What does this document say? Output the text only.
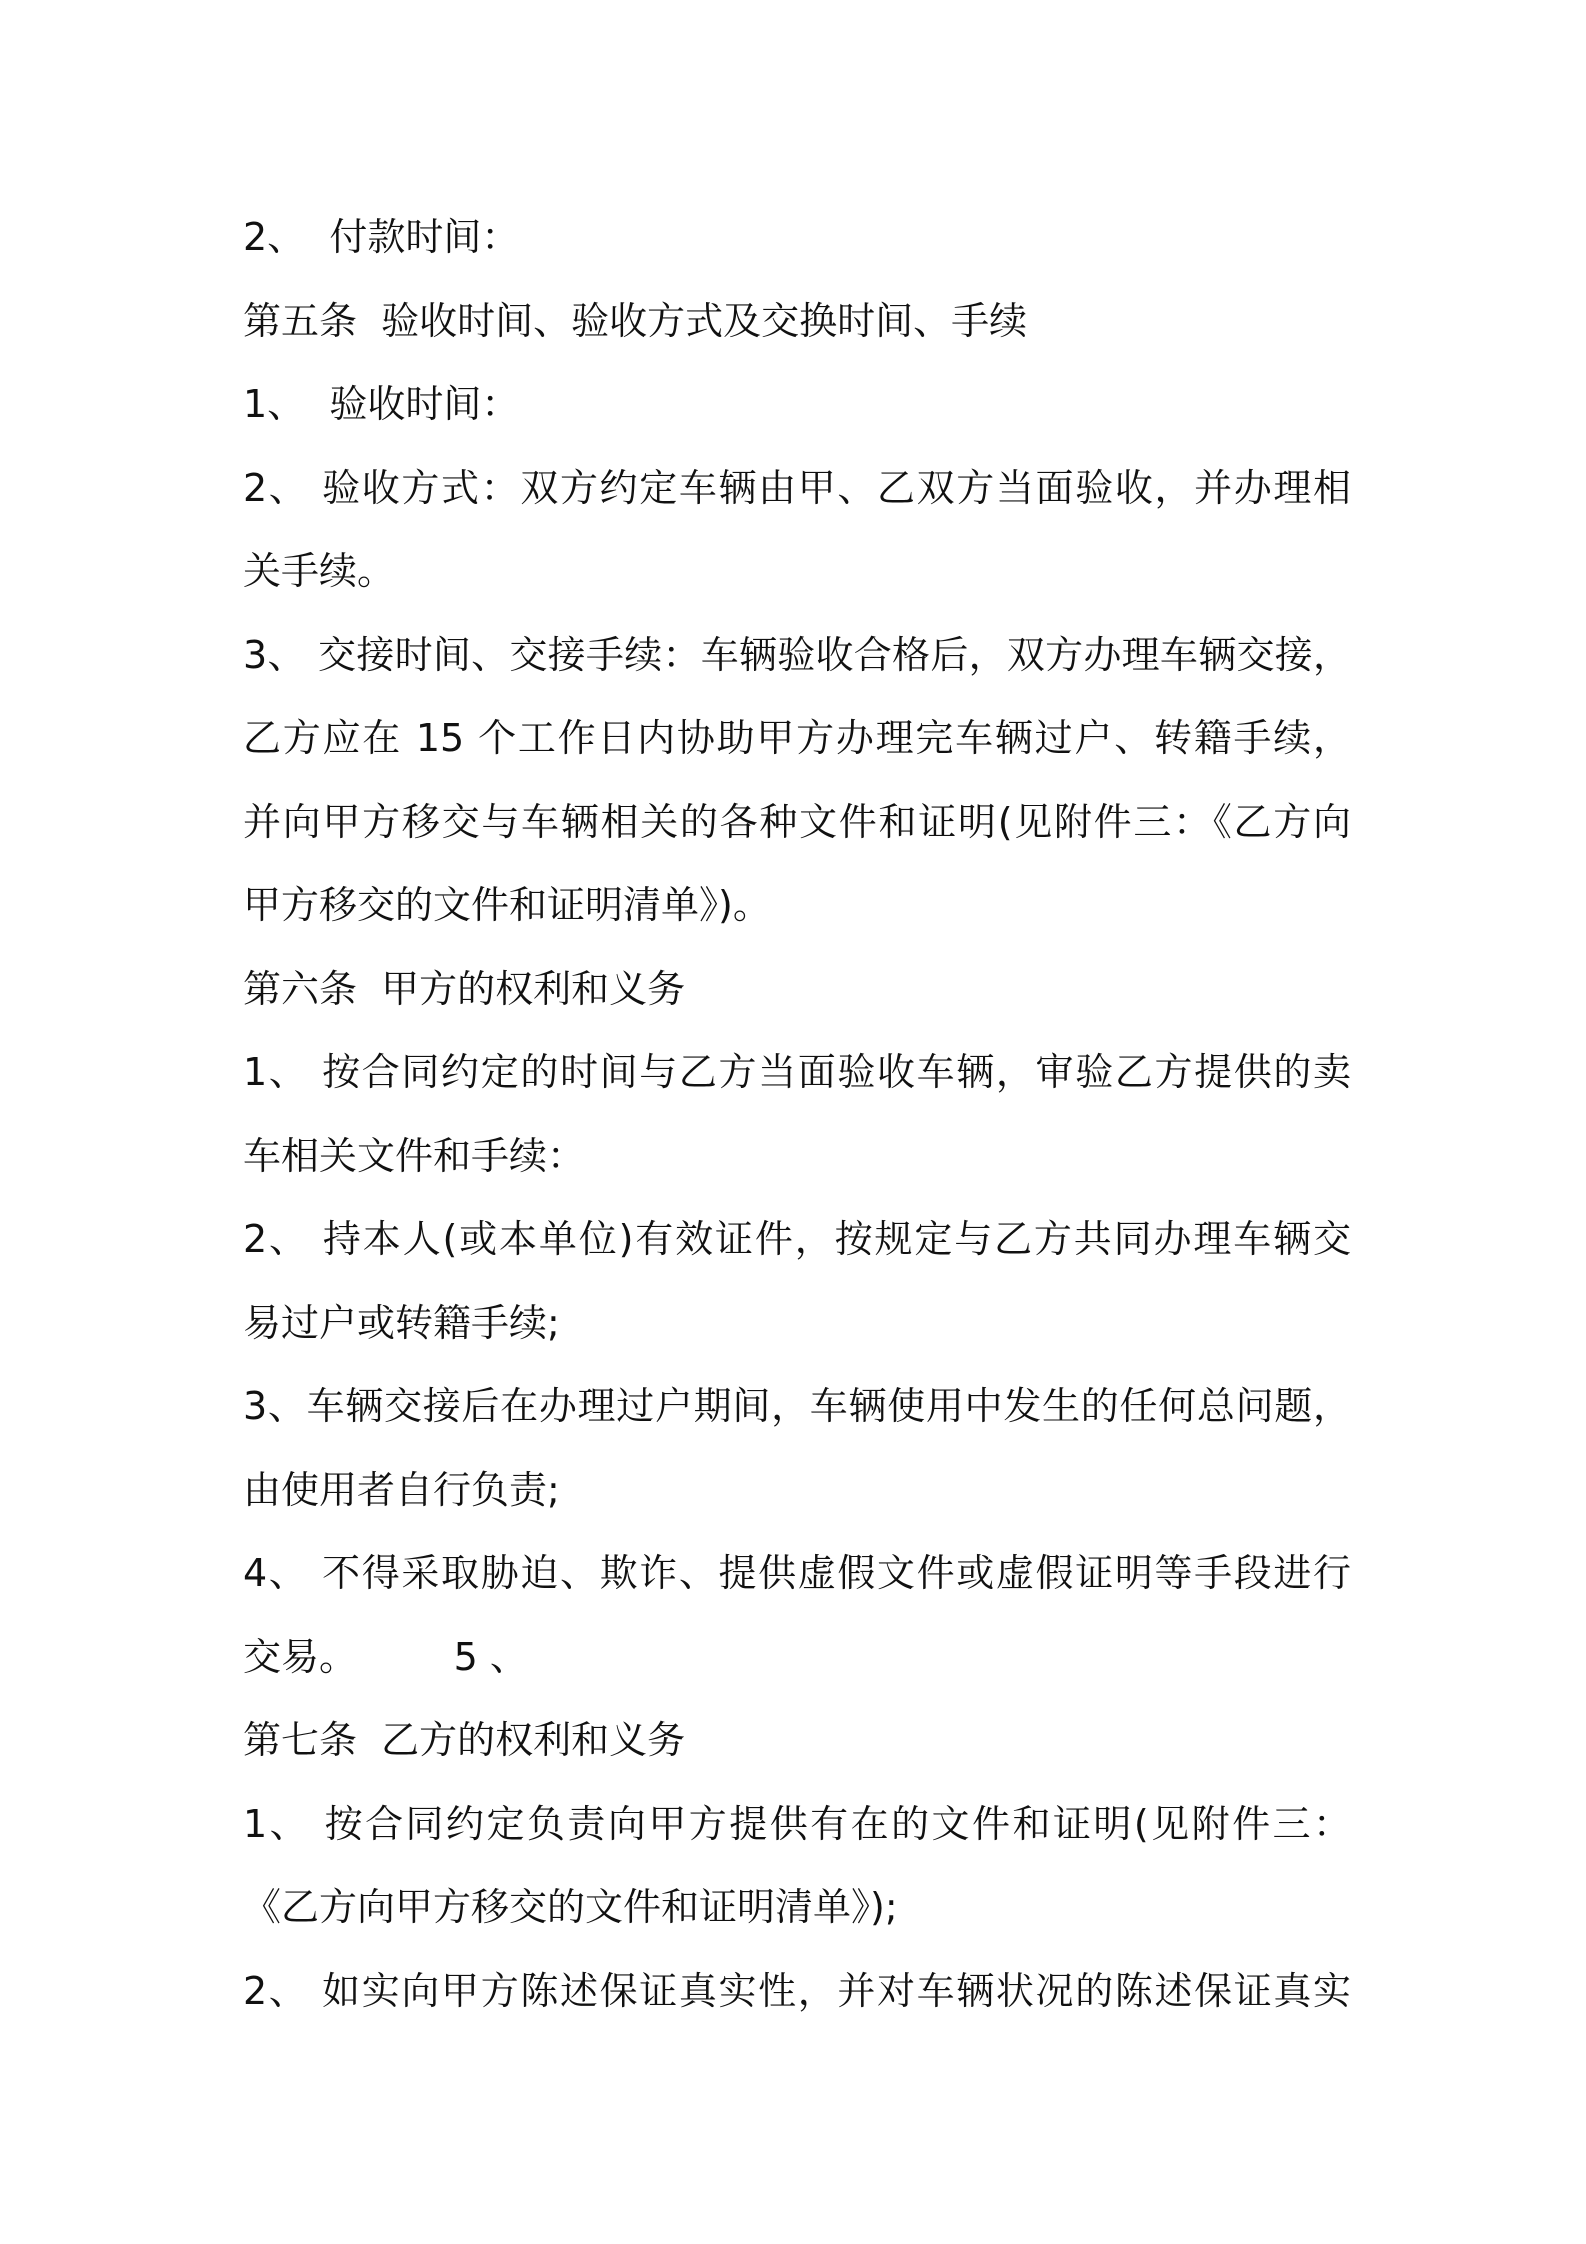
2、  付款时间：
第五条  验收时间、验收方式及交换时间、手续
1、  验收时间：
2、 验收方式：双方约定车辆由甲、乙双方当面验收，并办理相
关手续。
3、 交接时间、交接手续：车辆验收合格后，双方办理车辆交接，
乙方应在 15 个工作日内协助甲方办理完车辆过户、转籍手续，
并向甲方移交与车辆相关的各种文件和证明(见附件三：《乙方向
甲方移交的文件和证明清单》)。
第六条  甲方的权利和义务
1、 按合同约定的时间与乙方当面验收车辆，审验乙方提供的卖
车相关文件和手续：
2、 持本人(或本单位)有效证件，按规定与乙方共同办理车辆交
易过户或转籍手续;
3、车辆交接后在办理过户期间，车辆使用中发生的任何总问题，
由使用者自行负责;
4、 不得采取胁迫、欺诈、提供虚假文件或虚假证明等手段进行
交易。        5 、
第七条  乙方的权利和义务
1、 按合同约定负责向甲方提供有在的文件和证明(见附件三：
《乙方向甲方移交的文件和证明清单》);
2、 如实向甲方陈述保证真实性，并对车辆状况的陈述保证真实
